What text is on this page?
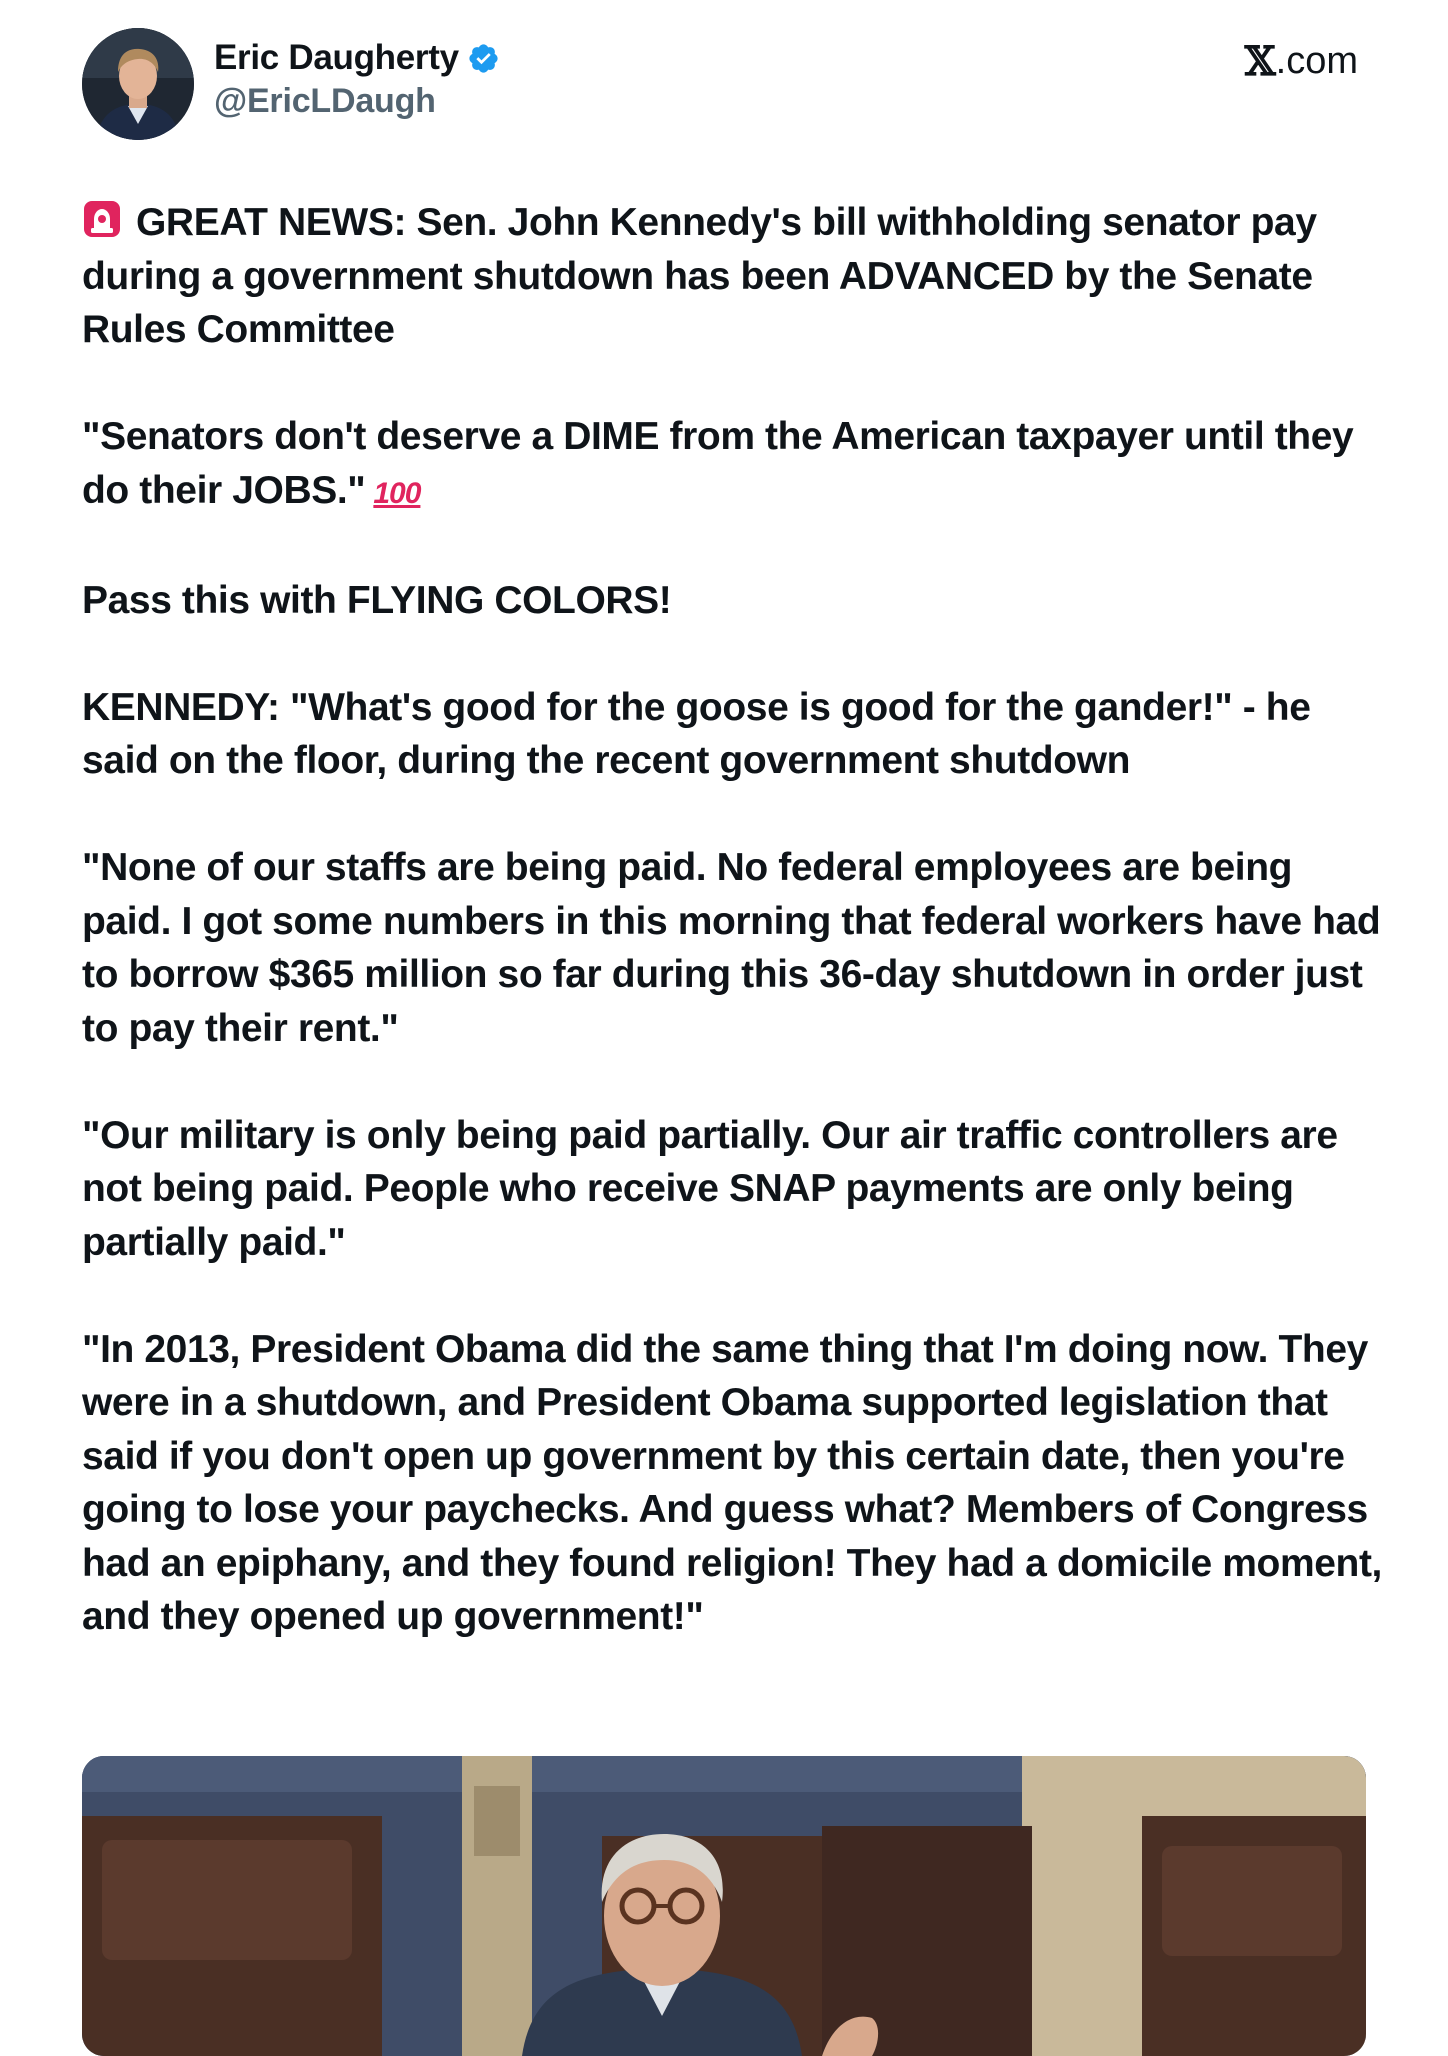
Eric Daugherty
@EricLDaugh
𝕏 .com

GREAT NEWS: Sen. John Kennedy's bill withholding senator pay during a government shutdown has been ADVANCED by the Senate Rules Committee

"Senators don't deserve a DIME from the American taxpayer until they do their JOBS." 100

Pass this with FLYING COLORS!

KENNEDY: "What's good for the goose is good for the gander!" - he said on the floor, during the recent government shutdown

"None of our staffs are being paid. No federal employees are being paid. I got some numbers in this morning that federal workers have had to borrow $365 million so far during this 36-day shutdown in order just to pay their rent."

"Our military is only being paid partially. Our air traffic controllers are not being paid. People who receive SNAP payments are only being partially paid."

"In 2013, President Obama did the same thing that I'm doing now. They were in a shutdown, and President Obama supported legislation that said if you don't open up government by this certain date, then you're going to lose your paychecks. And guess what? Members of Congress had an epiphany, and they found religion! They had a domicile moment, and they opened up government!"
